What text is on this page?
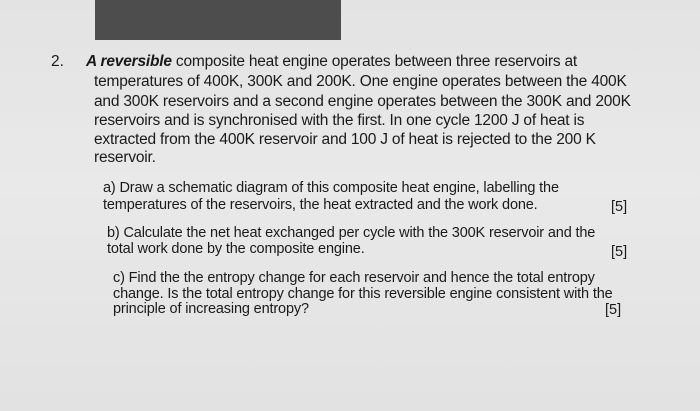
2. A reversible composite heat engine operates between three reservoirs at
temperatures of 400K, 300K and 200K. One engine operates between the 400K
and 300K reservoirs and a second engine operates between the 300K and 200K
reservoirs and is synchronised with the first. In one cycle 1200 J of heat is
extracted from the 400K reservoir and 100 J of heat is rejected to the 200 K
reservoir.
a) Draw a schematic diagram of this composite heat engine, labelling the
temperatures of the reservoirs, the heat extracted and the work done.	[5]
b) Calculate the net heat exchanged per cycle with the 300K reservoir and the
total work done by the composite engine.	[5]
c) Find the the entropy change for each reservoir and hence the total entropy
change. Is the total entropy change for this reversible engine consistent with the
principle of increasing entropy?	[5]
